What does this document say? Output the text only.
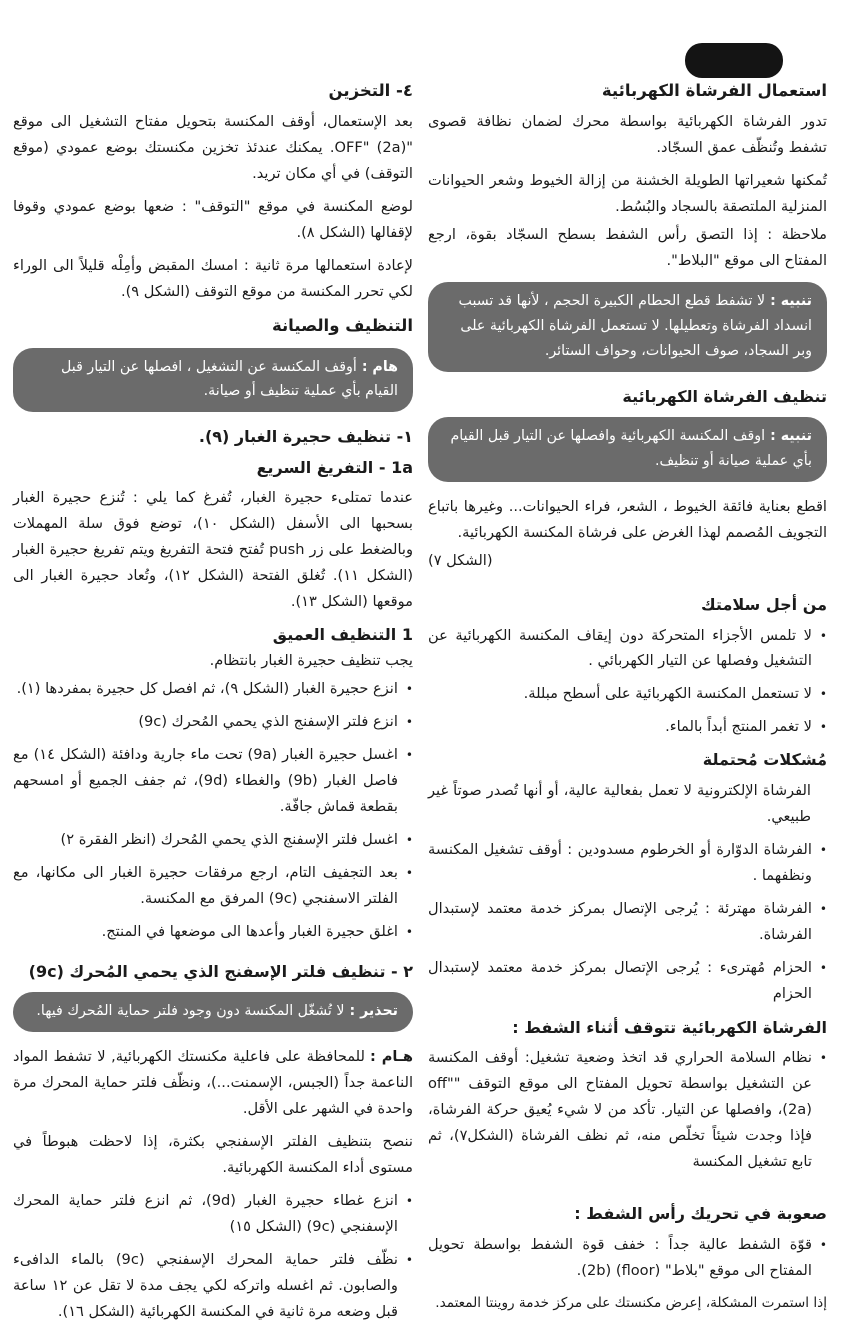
استعمال الفرشاة الكهربائية

تدور الفرشاة الكهربائية بواسطة محرك لضمان نظافة قصوى تشفط وتُنظّف عمق السجّاد.

تُمكنها شعيراتها الطويلة الخشنة من إزالة الخيوط وشعر الحيوانات المنزلية الملتصقة بالسجاد والبُسُط.

ملاحظة : إذا التصق رأس الشفط بسطح السجّاد بقوة، ارجع المفتاح الى موقع "البلاط".

تنبيه :لا تشفط قطع الحطام الكبيرة الحجم ، لأنها قد تسبب انسداد الفرشاة وتعطيلها. لا تستعمل الفرشاة الكهربائية على وبر السجاد، صوف الحيوانات، وحواف الستائر.
تنظيف الفرشاة الكهربائية
تنبيه :اوقف المكنسة الكهربائية وافصلها عن التيار قبل القيام بأي عملية صيانة أو تنظيف.

اقطع بعناية فائقة الخيوط ، الشعر، فراء الحيوانات... وغيرها باتباع التجويف المُصمم لهذا الغرض على فرشاة المكنسة الكهربائية.

(الشكل ٧)

من أجل سلامتك
•
لا تلمس الأجزاء المتحركة دون إيقاف المكنسة الكهربائية عن التشغيل وفصلها عن التيار الكهربائي .
•
لا تستعمل المكنسة الكهربائية على أسطح مبللة.
•
لا تغمر المنتج أبداً بالماء.
مُشكلات مُحتملة

الفرشاة الإلكترونية لا تعمل بفعالية عالية، أو أنها تُصدر صوتاً غير طبيعي.

•
الفرشاة الدوّارة أو الخرطوم مسدودين : أوقف تشغيل المكنسة ونظفهما .
•
الفرشاة مهترئة : يُرجى الإتصال بمركز خدمة معتمد لإستبدال الفرشاة.
•
الحزام مُهترىء : يُرجى الإتصال بمركز خدمة معتمد لإستبدال الحزام
الفرشاة الكهربائية تتوقف أثناء الشفط :
•
نظام السلامة الحراري قد اتخذ وضعية تشغيل: أوقف المكنسة عن التشغيل بواسطة تحويل المفتاح الى موقع التوقف "off" (2a)، وافصلها عن التيار. تأكد من لا شيء يُعيق حركة الفرشاة، فإذا وجدت شيئاً تخلّص منه، ثم نظف الفرشاة (الشكل٧)، ثم تابع تشغيل المكنسة
صعوبة في تحريك رأس الشفط :
•
قوّة الشفط عالية جداً : خفف قوة الشفط بواسطة تحويل المفتاح الى موقع "بلاط" (floor) (2b).

إذا استمرت المشكلة، إعرض مكنستك على مركز خدمة روينتا المعتمد.

٤- التخزين

بعد الإستعمال، أوقف المكنسة بتحويل مفتاح التشغيل الى موقع "OFF" (2a). يمكنك عندئذ تخزين مكنستك بوضع عمودي (موقع التوقف) في أي مكان تريد.

لوضع المكنسة في موقع "التوقف" : ضعها بوضع عمودي وقوفا لإقفالها (الشكل ٨).

لإعادة استعمالها مرة ثانية : امسك المقبض وأمِلْه قليلاً الى الوراء لكي تحرر المكنسة من موقع التوقف (الشكل ٩).

التنظيف والصيانة
هام :أوقف المكنسة عن التشغيل ، افصلها عن التيار قبل القيام بأي عملية تنظيف أو صيانة.
١- تنظيف حجيرة الغبار (٩).
1a - التفريغ السريع

عندما تمتلىء حجيرة الغبار، تُفرغ كما يلي : تُنزع حجيرة الغبار بسحبها الى الأسفل (الشكل ١٠)، توضع فوق سلة المهملات وبالضغط على زر push تُفتح فتحة التفريغ ويتم تفريغ حجيرة الغبار (الشكل ١١). تُغلق الفتحة (الشكل ١٢)، وتُعاد حجيرة الغبار الى موقعها (الشكل ١٣).

1 التنظيف العميق

يجب تنظيف حجيرة الغبار بانتظام.

•
انزع حجيرة الغبار (الشكل ٩)، ثم افصل كل حجيرة بمفردها (١).
•
انزع فلتر الإسفنج الذي يحمي المُحرك (9c)
•
اغسل حجيرة الغبار (9a) تحت ماء جارية ودافئة (الشكل ١٤) مع فاصل الغبار (9b) والغطاء (9d)، ثم جفف الجميع أو امسحهم بقطعة قماش جافّة.
•
اغسل فلتر الإسفنج الذي يحمي المُحرك (انظر الفقرة ٢)
•
بعد التجفيف التام، ارجع مرفقات حجيرة الغبار الى مكانها، مع الفلتر الاسفنجي (9c) المرفق مع المكنسة.
•
اغلق حجيرة الغبار وأعدها الى موضعها في المنتج.
٢ - تنظيف فلتر الإسفنج الذي يحمي المُحرك (9c)
تحذير :لا تُشغّل المكنسة دون وجود فلتر حماية المُحرك فيها.

هـام :للمحافظة على فاعلية مكنستك الكهربائية, لا تشفط المواد الناعمة جداً (الجبس، الإسمنت...)، ونظّف فلتر حماية المحرك مرة واحدة في الشهر على الأقل.

ننصح بتنظيف الفلتر الإسفنجي بكثرة، إذا لاحظت هبوطاً في مستوى أداء المكنسة الكهربائية.

•
انزع غطاء حجيرة الغبار (9d)، ثم انزع فلتر حماية المحرك الإسفنجي (9c) (الشكل ١٥)
•
نظّف فلتر حماية المحرك الإسفنجي (9c) بالماء الدافىء والصابون. ثم اغسله واتركه لكي يجف مدة لا تقل عن ١٢ ساعة قبل وضعه مرة ثانية في المكنسة الكهربائية (الشكل ١٦).
